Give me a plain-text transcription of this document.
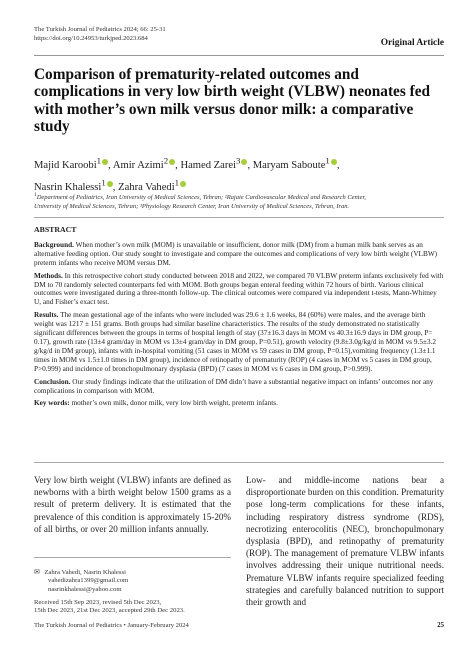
The Turkish Journal of Pediatrics 2024; 66: 25-31
https://doi.org/10.24953/turkjped.2023.684	Original Article
Comparison of prematurity-related outcomes and complications in very low birth weight (VLBW) neonates fed with mother’s own milk versus donor milk: a comparative study
Majid Karoobi$^1$ , Amir Azimi$^2$ , Hamed Zarei$^3$ , Maryam Saboute$^1$ ,
Nasrin Khalessi$^1$ , Zahra Vahedi$^1$
$^1$Department of Pediatrics, Iran University of Medical Sciences, Tehran; ²Rajaie Cardiovascular Medical and Research Center,
University of Medical Sciences, Tehran; ³Physiology Research Center, Iran University of Medical Sciences, Tehran, Iran.

ABSTRACT

Background. When mother’s own milk (MOM) is unavailable or insufficient, donor milk (DM) from a human milk bank serves as an alternative feeding option. Our study sought to investigate and compare the outcomes and complications of very low birth weight (VLBW) preterm infants who receive MOM versus DM.

Methods. In this retrospective cohort study conducted between 2018 and 2022, we compared 70 VLBW preterm infants exclusively fed with DM to 70 randomly selected counterparts fed with MOM. Both groups began enteral feeding within 72 hours of birth. Various clinical outcomes were investigated during a three-month follow-up. The clinical outcomes were compared via independent t-tests, Mann-Whitney U, and Fisher’s exact test.

Results. The mean gestational age of the infants who were included was 29.6 ± 1.6 weeks, 84 (60%) were males, and the average birth weight was 1217 ± 151 grams. Both groups had similar baseline characteristics. The results of the study demonstrated no statistically significant differences between the groups in terms of hospital length of stay (37±16.3 days in MOM vs 40.3±16.9 days in DM group, P= 0.17), growth rate (13±4 gram/day in MOM vs 13±4 gram/day in DM group, P=0.51), growth velocity (9.8±3.0g/kg/d in MOM vs 9.5±3.2 g/kg/d in DM group), infants with in-hospital vomiting (51 cases in MOM vs 59 cases in DM group, P=0.15),vomiting frequency (1.3±1.1 times in MOM vs 1.5±1.0 times in DM group), incidence of retinopathy of prematurity (ROP) (4 cases in MOM vs 5 cases in DM group, P>0.999) and incidence of bronchopulmonary dysplasia (BPD) (7 cases in MOM vs 6 cases in DM group, P>0.999).

Conclusion. Our study findings indicate that the utilization of DM didn’t have a substantial negative impact on infants’ outcomes nor any complications in comparison with MOM.

Key words: mother’s own milk, donor milk, very low birth weight, preterm infants.

Very low birth weight (VLBW) infants are defined as newborns with a birth weight below 1500 grams as a result of preterm delivery. It is estimated that the prevalence of this condition is approximately 15-20% of all births, or over 20 million infants annually.
Low- and middle-income nations bear a disproportionate burden on this condition. Prematurity pose long-term complications for these infants, including respiratory distress syndrome (RDS), necrotizing enterocolitis (NEC), bronchopulmonary dysplasia (BPD), and retinopathy of prematurity (ROP). The management of premature VLBW infants involves addressing their unique nutritional needs. Premature VLBW infants require specialized feeding strategies and carefully balanced nutrition to support their growth and
✉ Zahra Vahedi, Nasrin Khalessi
vahedizahra1399@gmail.com
nasrinkhalessi@yahoo.com
Received 15th Sep 2023, revised 5th Dec 2023,
15th Dec 2023, 21st Dec 2023, accepted 29th Dec 2023.
The Turkish Journal of Pediatrics • January-February 2024	25
